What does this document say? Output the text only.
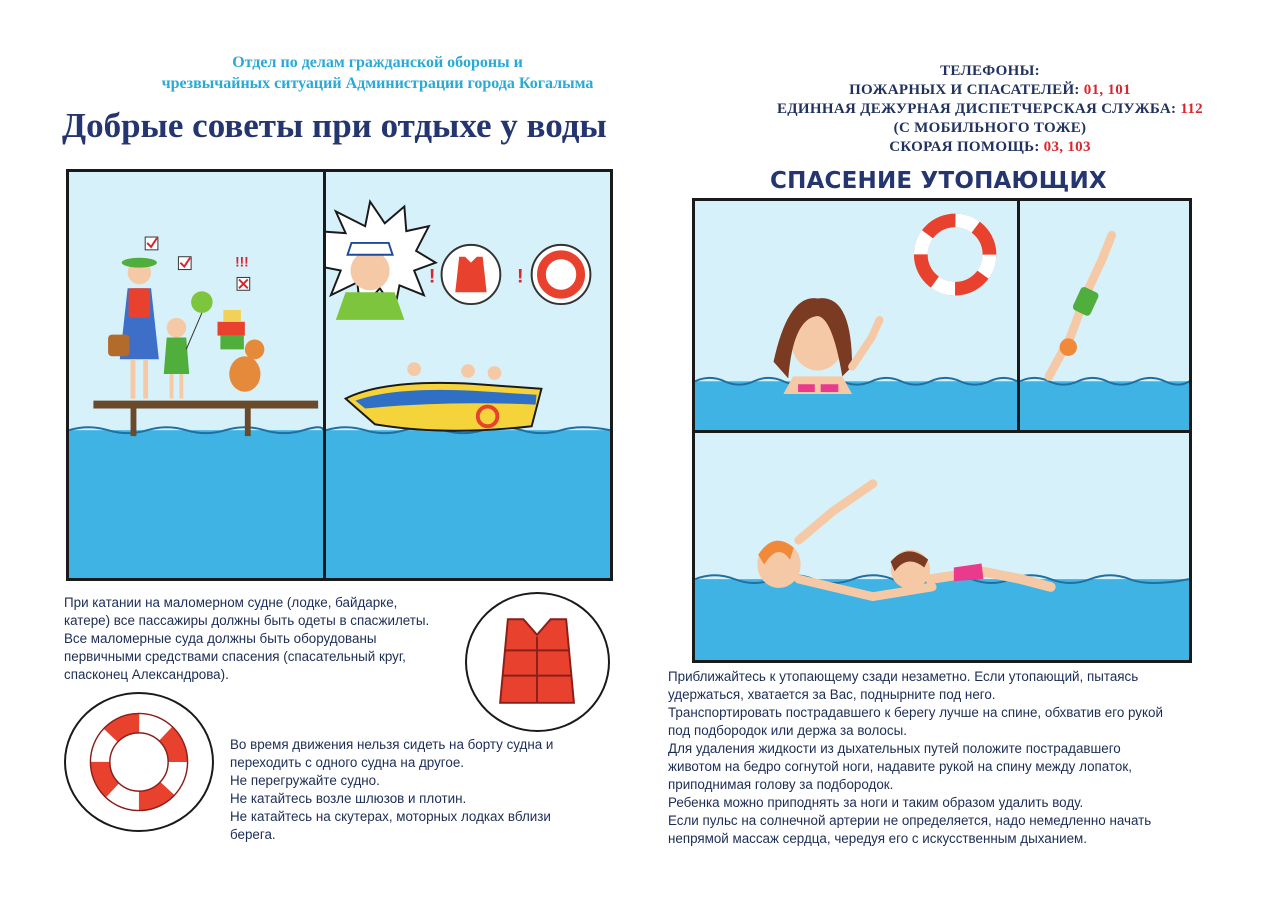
Отдел по делам гражданской обороны и
чрезвычайных ситуаций Администрации города Когалыма
Добрые советы при отдыхе у воды
ТЕЛЕФОНЫ:
ПОЖАРНЫХ И СПАСАТЕЛЕЙ: 01, 101
ЕДИННАЯ ДЕЖУРНАЯ ДИСПЕТЧЕРСКАЯ СЛУЖБА: 112
(С МОБИЛЬНОГО ТОЖЕ)
СКОРАЯ ПОМОЩЬ: 03, 103
СПАСЕНИЕ УТОПАЮЩИХ
!!!
!	!

При катании на маломерном судне (лодке, байдарке,

катере) все пассажиры должны быть одеты в спасжилеты.

Все маломерные суда должны быть оборудованы

первичными средствами спасения (спасательный круг,

спасконец Александрова).

Во время движения нельзя сидеть на борту судна и

переходить с одного судна на другое.

Не перегружайте судно.

Не катайтесь возле шлюзов и плотин.

Не катайтесь на скутерах, моторных лодках вблизи

берега.

Приближайтесь к утопающему сзади незаметно. Если утопающий, пытаясь

удержаться, хватается за Вас, поднырните под него.

Транспортировать пострадавшего к берегу лучше на спине, обхватив его рукой

под подбородок или держа за волосы.

Для удаления жидкости из дыхательных путей положите пострадавшего

животом на бедро согнутой ноги, надавите рукой на спину между лопаток,

приподнимая голову за подбородок.

Ребенка можно приподнять за ноги и таким образом удалить воду.

Если пульс на солнечной артерии не определяется, надо немедленно начать

непрямой массаж сердца, чередуя его с искусственным дыханием.
